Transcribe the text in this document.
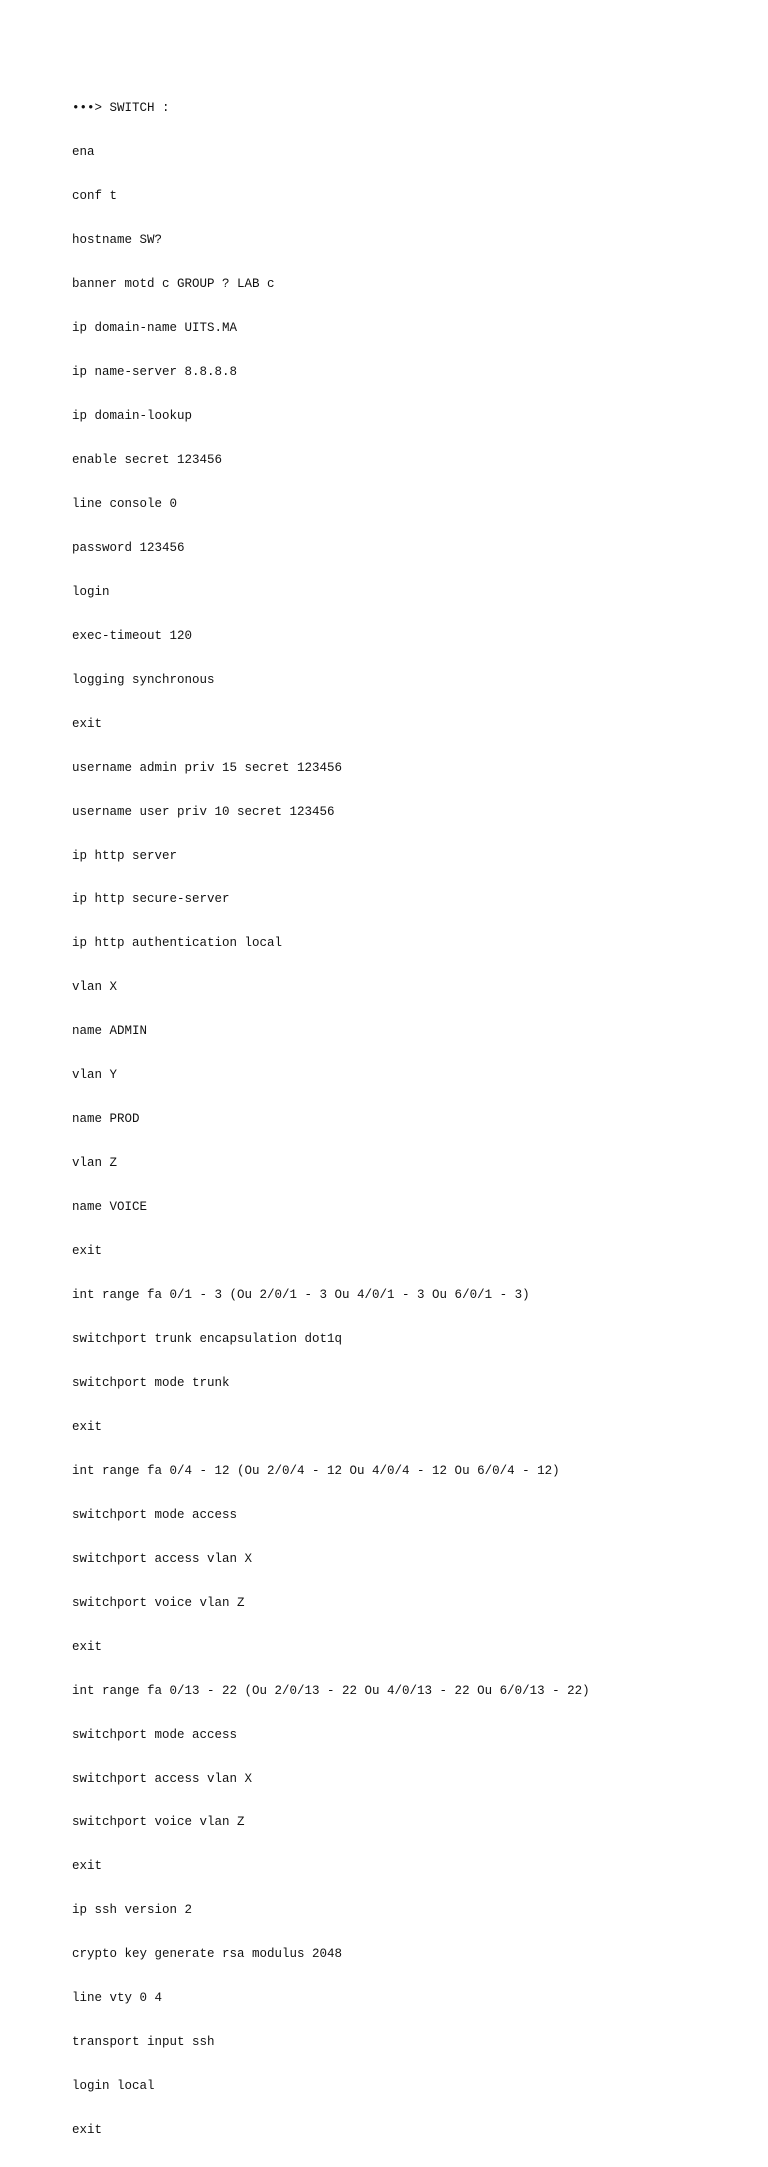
•••> SWITCH :

ena

conf t

hostname SW?

banner motd c GROUP ? LAB c

ip domain-name UITS.MA

ip name-server 8.8.8.8

ip domain-lookup

enable secret 123456

line console 0

password 123456

login

exec-timeout 120

logging synchronous

exit

username admin priv 15 secret 123456

username user priv 10 secret 123456

ip http server

ip http secure-server

ip http authentication local

vlan X

name ADMIN

vlan Y

name PROD

vlan Z

name VOICE

exit

int range fa 0/1 - 3 (Ou 2/0/1 - 3 Ou 4/0/1 - 3 Ou 6/0/1 - 3)

switchport trunk encapsulation dot1q

switchport mode trunk

exit

int range fa 0/4 - 12 (Ou 2/0/4 - 12 Ou 4/0/4 - 12 Ou 6/0/4 - 12)

switchport mode access

switchport access vlan X

switchport voice vlan Z

exit

int range fa 0/13 - 22 (Ou 2/0/13 - 22 Ou 4/0/13 - 22 Ou 6/0/13 - 22)

switchport mode access

switchport access vlan X

switchport voice vlan Z

exit

ip ssh version 2

crypto key generate rsa modulus 2048

line vty 0 4

transport input ssh

login local

exit
